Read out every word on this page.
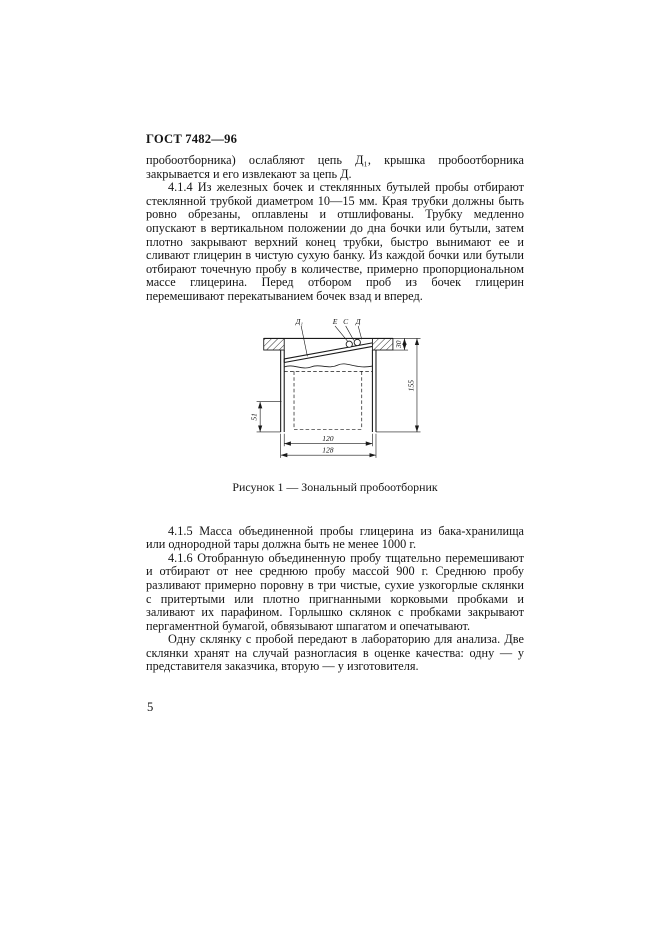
ГОСТ 7482—96

пробоотборника) ослабляют цепь Д₁, крышка пробоотборника закрывается и его извлекают за цепь Д.

4.1.4 Из железных бочек и стеклянных бутылей пробы отбирают стеклянной трубкой диаметром 10—15 мм. Края трубки должны быть ровно обрезаны, оплавлены и отшлифованы. Трубку медленно опускают в вертикальном положении до дна бочки или бутыли, затем плотно закрывают верхний конец трубки, быстро вынимают ее и сливают глицерин в чистую сухую банку. Из каждой бочки или бутыли отбирают точечную пробу в количестве, примерно пропорциональном массе глицерина. Перед отбором проб из бочек глицерин перемешивают перекатыванием бочек взад и вперед.

Д₁	Е С Д
30
155
51
120
128
Рисунок 1 — Зональный пробоотборник

4.1.5 Масса объединенной пробы глицерина из бака-хранилища или однородной тары должна быть не менее 1000 г.

4.1.6 Отобранную объединенную пробу тщательно перемешивают и отбирают от нее среднюю пробу массой 900 г. Среднюю пробу разливают примерно поровну в три чистые, сухие узкогорлые склянки с притертыми или плотно пригнанными корковыми пробками и заливают их парафином. Горлышко склянок с пробками закрывают пергаментной бумагой, обвязывают шпагатом и опечатывают.

Одну склянку с пробой передают в лабораторию для анализа. Две склянки хранят на случай разногласия в оценке качества: одну — у представителя заказчика, вторую — у изготовителя.

5
